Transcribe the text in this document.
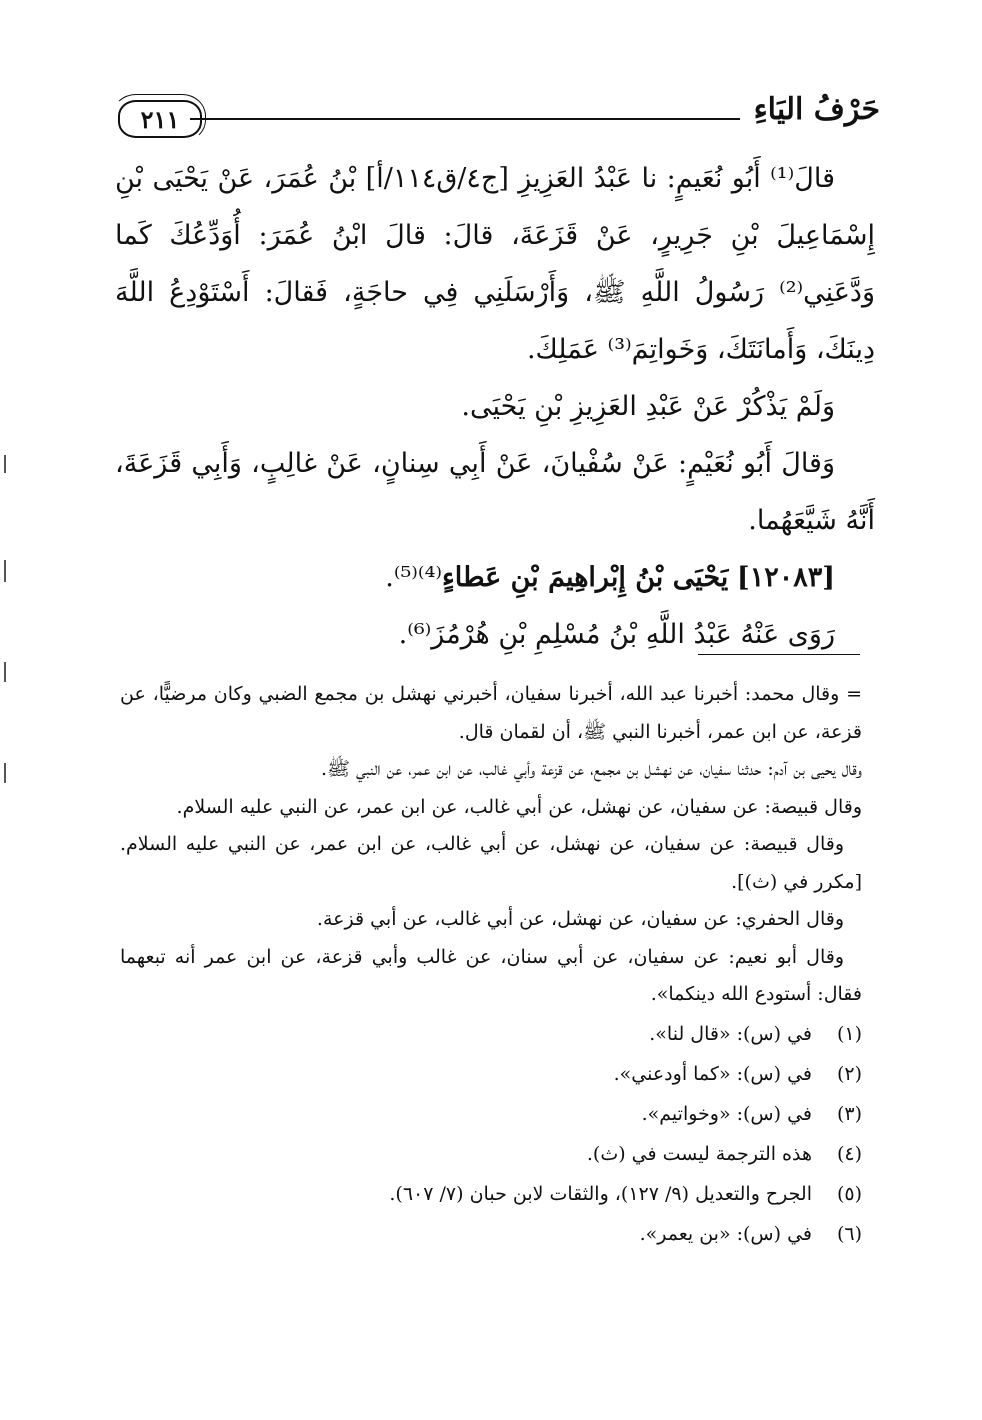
٢١١	حَرْفُ اليَاءِ

قالَ⁽¹⁾ أَبُو نُعَيمٍ: نا عَبْدُ العَزِيزِ [ج٤/ق١١٤/أ] بْنُ عُمَرَ، عَنْ يَحْيَى بْنِ إِسْمَاعِيلَ بْنِ جَرِيرٍ، عَنْ قَزَعَةَ، قالَ: قالَ ابْنُ عُمَرَ: أُوَدِّعُكَ كَما وَدَّعَنِي⁽²⁾ رَسُولُ اللَّهِ ﷺ، وَأَرْسَلَنِي فِي حاجَةٍ، فَقالَ: أَسْتَوْدِعُ اللَّهَ دِينَكَ، وَأَمانَتَكَ، وَخَواتِمَ⁽³⁾ عَمَلِكَ.

وَلَمْ يَذْكُرْ عَنْ عَبْدِ العَزِيزِ بْنِ يَحْيَى.

وَقالَ أَبُو نُعَيْمٍ: عَنْ سُفْيانَ، عَنْ أَبِي سِنانٍ، عَنْ غالِبٍ، وَأَبِي قَزَعَةَ، أَنَّهُ شَيَّعَهُما.

[١٢٠٨٣] يَحْيَى بْنُ إِبْراهِيمَ بْنِ عَطاءٍ⁽⁴⁾⁽⁵⁾.

رَوَى عَنْهُ عَبْدُ اللَّهِ بْنُ مُسْلِمِ بْنِ هُرْمُزَ⁽⁶⁾.

= وقال محمد: أخبرنا عبد الله، أخبرنا سفيان، أخبرني نهشل بن مجمع الضبي وكان مرضيًّا، عن قزعة، عن ابن عمر، أخبرنا النبي ﷺ، أن لقمان قال.

وقال يحيى بن آدم: حدثنا سفيان، عن نهشل بن مجمع، عن قزعة وأبي غالب، عن ابن عمر، عن النبي ﷺ.

وقال قبيصة: عن سفيان، عن نهشل، عن أبي غالب، عن ابن عمر، عن النبي عليه السلام.

وقال قبيصة: عن سفيان، عن نهشل، عن أبي غالب، عن ابن عمر، عن النبي عليه السلام. [مكرر في (ث)].

وقال الحفري: عن سفيان، عن نهشل، عن أبي غالب، عن أبي قزعة.

وقال أبو نعيم: عن سفيان، عن أبي سنان، عن غالب وأبي قزعة، عن ابن عمر أنه تبعهما فقال: أستودع الله دينكما».

(١)
في (س): «قال لنا».
(٢)
في (س): «كما أودعني».
(٣)
في (س): «وخواتيم».
(٤)
هذه الترجمة ليست في (ث).
(٥)
الجرح والتعديل (٩/ ١٢٧)، والثقات لابن حبان (٧/ ٦٠٧).
(٦)
في (س): «بن يعمر».
